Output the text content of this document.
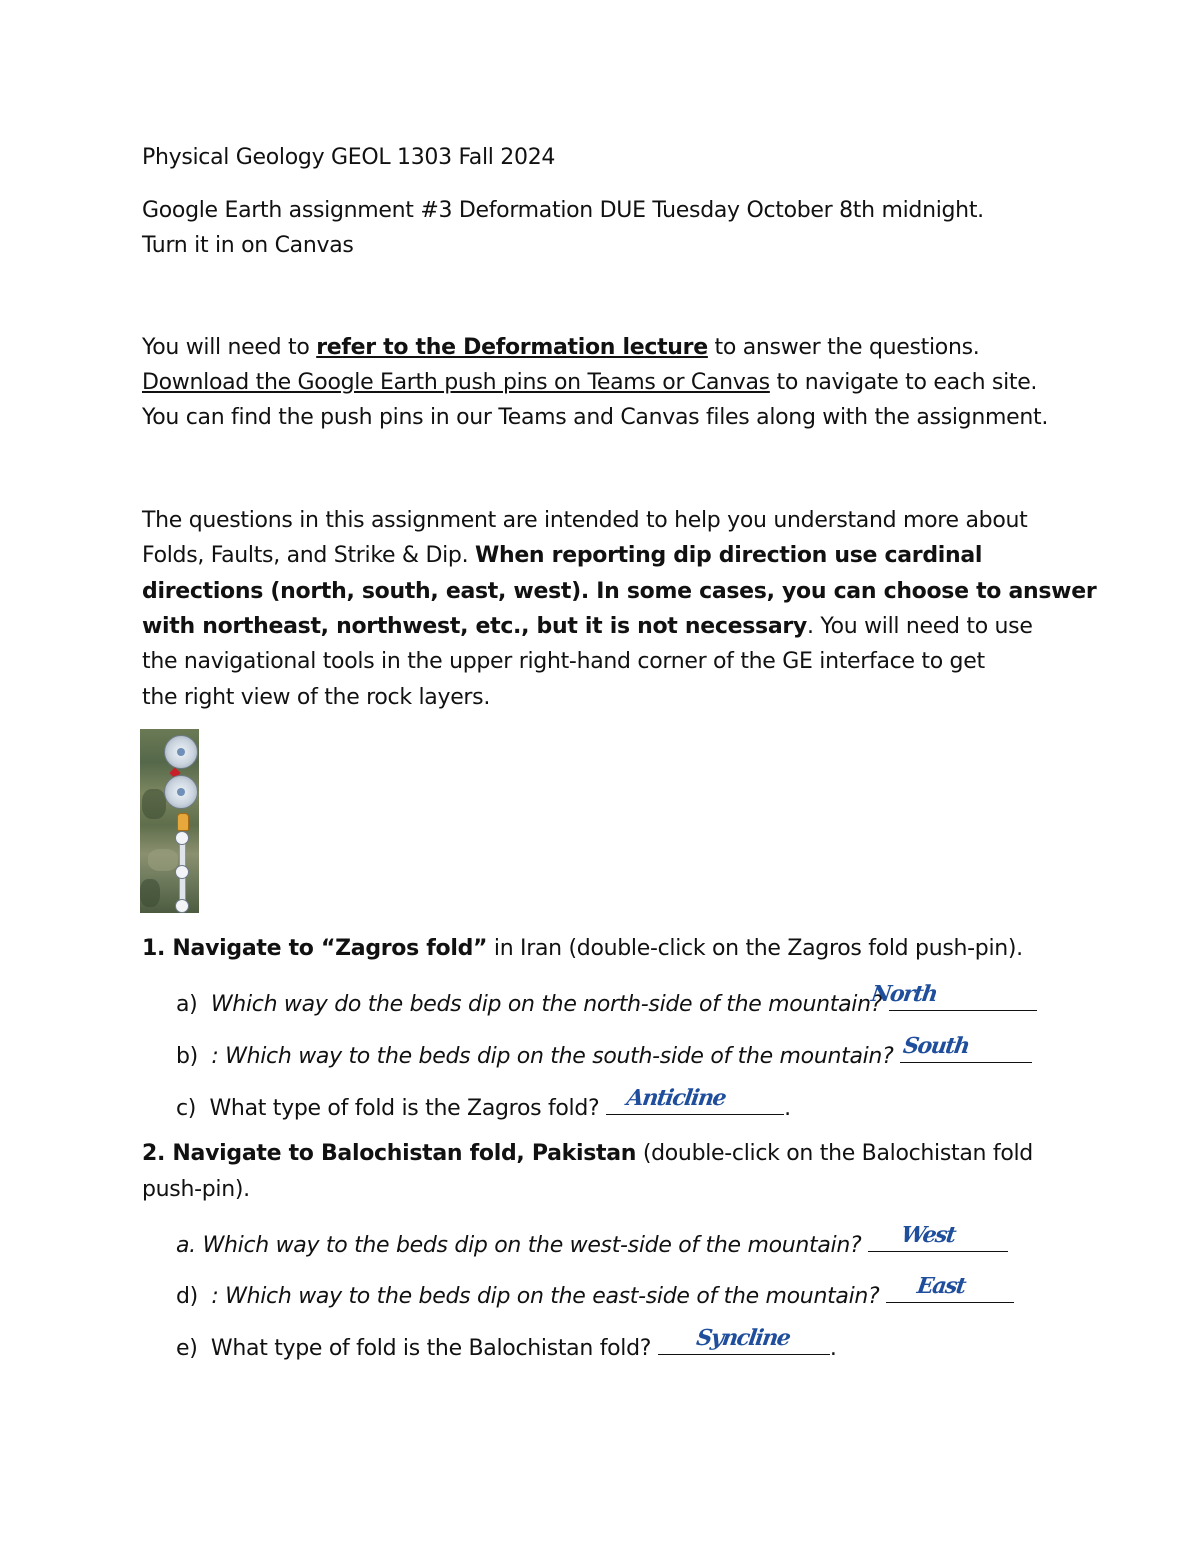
Physical Geology GEOL 1303 Fall 2024
Google Earth assignment #3 Deformation DUE Tuesday October 8th midnight.
Turn it in on Canvas
You will need to refer to the Deformation lecture to answer the questions.
Download the Google Earth push pins on Teams or Canvas to navigate to each site.
You can find the push pins in our Teams and Canvas files along with the assignment.
The questions in this assignment are intended to help you understand more about
Folds, Faults, and Strike & Dip. When reporting dip direction use cardinal
directions (north, south, east, west). In some cases, you can choose to answer
with northeast, northwest, etc., but it is not necessary. You will need to use
the navigational tools in the upper right-hand corner of the GE interface to get
the right view of the rock layers.
1. Navigate to “Zagros fold” in Iran (double-click on the Zagros fold push-pin).
a) Which way do the beds dip on the north-side of the mountain?
North
b) : Which way to the beds dip on the south-side of the mountain? South
c) What type of fold is the Zagros fold?	Anticline	.
2. Navigate to Balochistan fold, Pakistan (double-click on the Balochistan fold
push-pin).
a. Which way to the beds dip on the west-side of the mountain?	West
d) : Which way to the beds dip on the east-side of the mountain?	East
e) What type of fold is the Balochistan fold?	Syncline	.
